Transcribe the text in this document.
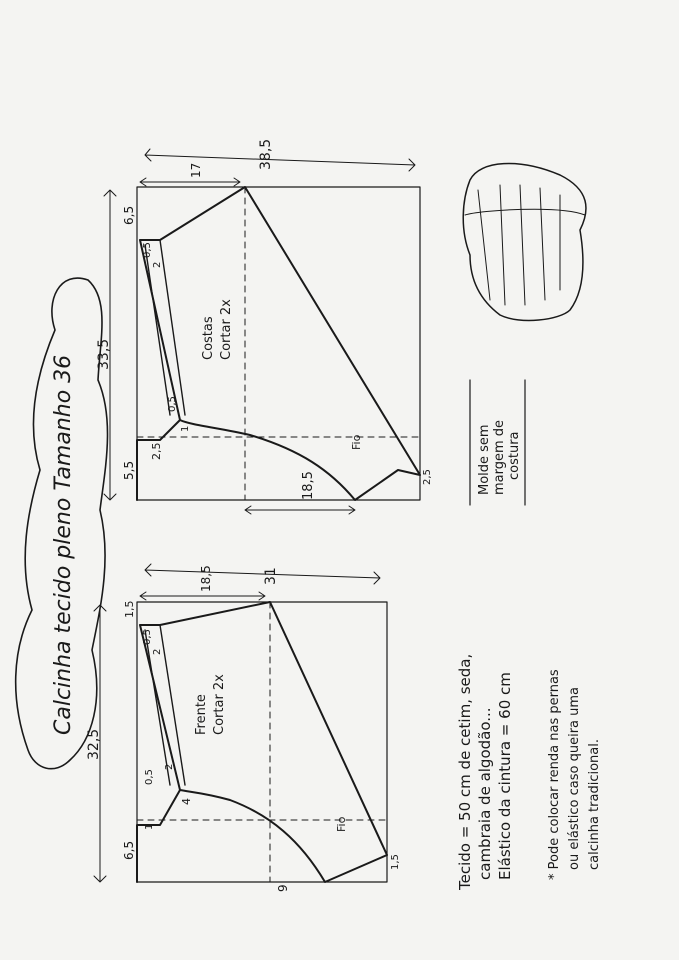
Calcinha tecido pleno Tamanho 36
Costas Cortar 2x
33,5
38,5
17
6,5
0,5
2
0,5
1
2,5
5,5
18,5	2,5
Fio
Frente Cortar 2x
32,5
31
18,5
1,5
0,5
2
2
0,5
4
1
6,5
9
1,5
Fio
Molde sem margem de costura
Tecido = 50 cm de cetim, seda, cambraia de algodão... Elástico da cintura = 60 cm	* Pode colocar renda nas pernas ou elástico caso queira uma calcinha tradicional.
